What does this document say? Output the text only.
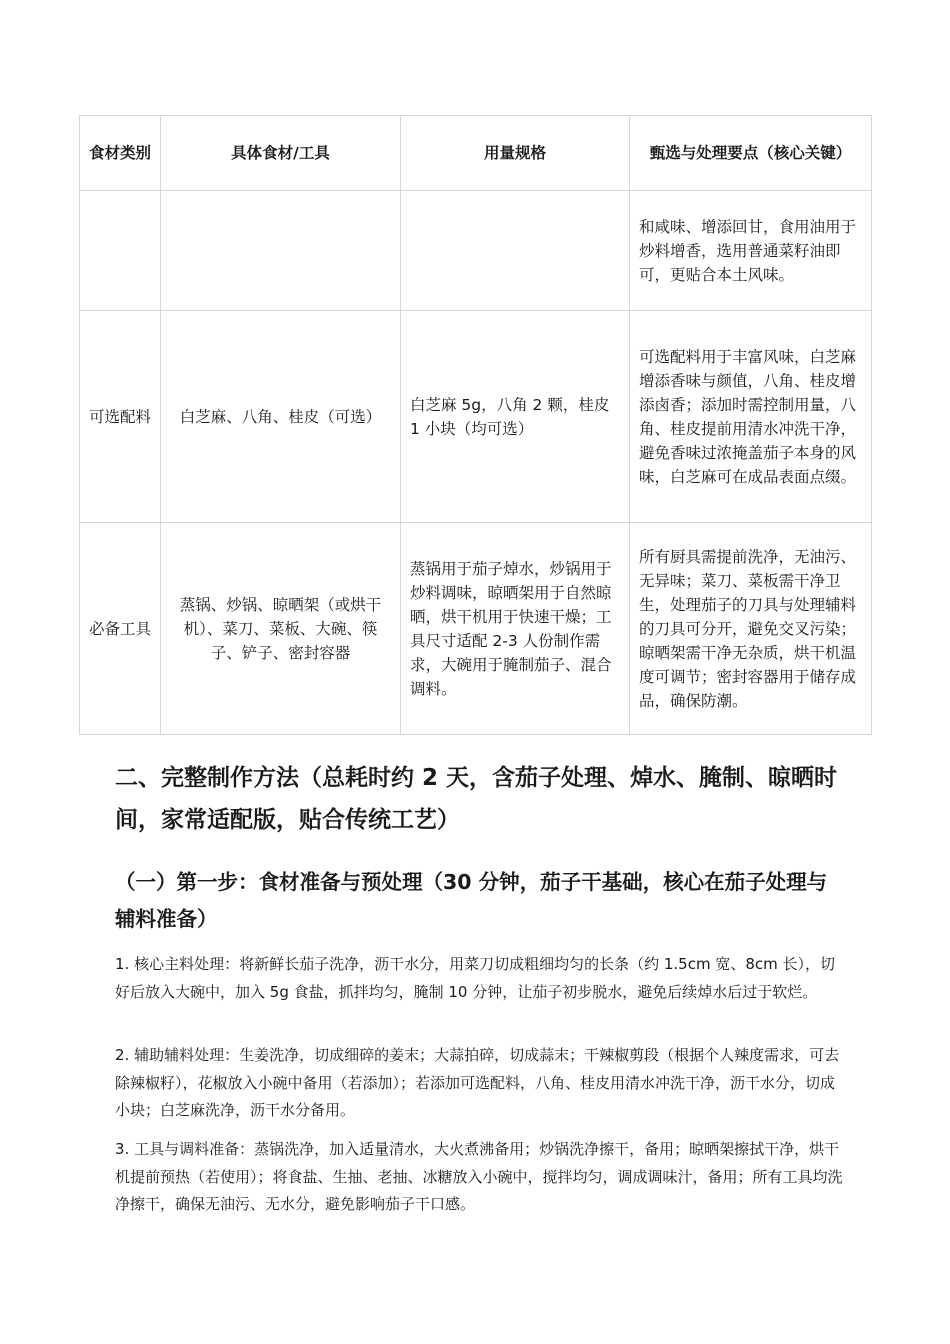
食材类别	具体食材/工具	用量规格	甄选与处理要点（核心关键）
			和咸味、增添回甘，食用油用于炒料增香，选用普通菜籽油即可，更贴合本土风味。
可选配料	白芝麻、八角、桂皮（可选）	白芝麻 5g，八角 2 颗，桂皮 1 小块（均可选）	可选配料用于丰富风味，白芝麻增添香味与颜值，八角、桂皮增添卤香；添加时需控制用量，八角、桂皮提前用清水冲洗干净，避免香味过浓掩盖茄子本身的风味，白芝麻可在成品表面点缀。
必备工具	蒸锅、炒锅、晾晒架（或烘干机）、菜刀、菜板、大碗、筷子、铲子、密封容器	蒸锅用于茄子焯水，炒锅用于炒料调味，晾晒架用于自然晾晒，烘干机用于快速干燥；工具尺寸适配 2-3 人份制作需求，大碗用于腌制茄子、混合调料。	所有厨具需提前洗净，无油污、无异味；菜刀、菜板需干净卫生，处理茄子的刀具与处理辅料的刀具可分开，避免交叉污染；晾晒架需干净无杂质，烘干机温度可调节；密封容器用于储存成品，确保防潮。
二、完整制作方法（总耗时约 2 天，含茄子处理、焯水、腌制、晾晒时间，家常适配版，贴合传统工艺）
（一）第一步：食材准备与预处理（30 分钟，茄子干基础，核心在茄子处理与辅料准备）

1. 核心主料处理：将新鲜长茄子洗净，沥干水分，用菜刀切成粗细均匀的长条（约 1.5cm 宽、8cm 长），切好后放入大碗中，加入 5g 食盐，抓拌均匀，腌制 10 分钟，让茄子初步脱水，避免后续焯水后过于软烂。

2. 辅助辅料处理：生姜洗净，切成细碎的姜末；大蒜拍碎，切成蒜末；干辣椒剪段（根据个人辣度需求，可去除辣椒籽），花椒放入小碗中备用（若添加）；若添加可选配料，八角、桂皮用清水冲洗干净，沥干水分，切成小块；白芝麻洗净，沥干水分备用。

3. 工具与调料准备：蒸锅洗净，加入适量清水，大火煮沸备用；炒锅洗净擦干，备用；晾晒架擦拭干净，烘干机提前预热（若使用）；将食盐、生抽、老抽、冰糖放入小碗中，搅拌均匀，调成调味汁，备用；所有工具均洗净擦干，确保无油污、无水分，避免影响茄子干口感。
